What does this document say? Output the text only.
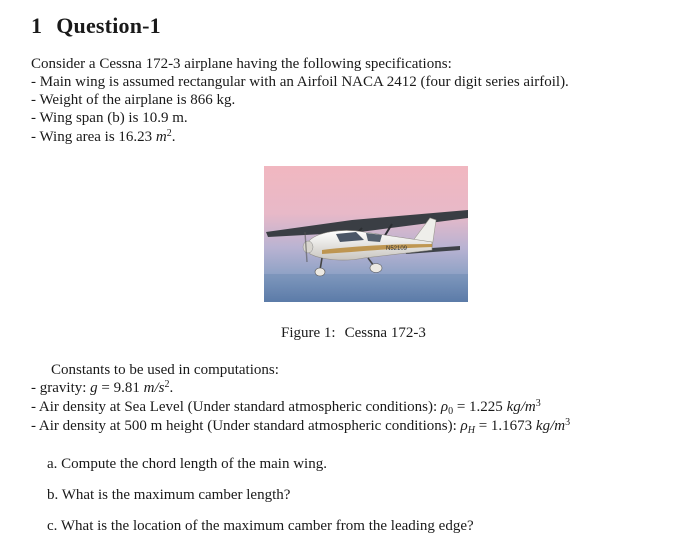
1 Question-1
Consider a Cessna 172-3 airplane having the following specifications:
- Main wing is assumed rectangular with an Airfoil NACA 2412 (four digit series airfoil).
- Weight of the airplane is 866 kg.
- Wing span (b) is 10.9 m.
- Wing area is 16.23 $m^2$.
N52109
Figure 1: Cessna 172-3
Constants to be used in computations:
- gravity: g = 9.81 $m/s^2$.
- Air density at Sea Level (Under standard atmospheric conditions): $\rho_0 = 1.225$ $kg/m^3$
- Air density at 500 m height (Under standard atmospheric conditions): $\rho_H = 1.1673$ $kg/m^3$
a. Compute the chord length of the main wing.
b. What is the maximum camber length?
c. What is the location of the maximum camber from the leading edge?
